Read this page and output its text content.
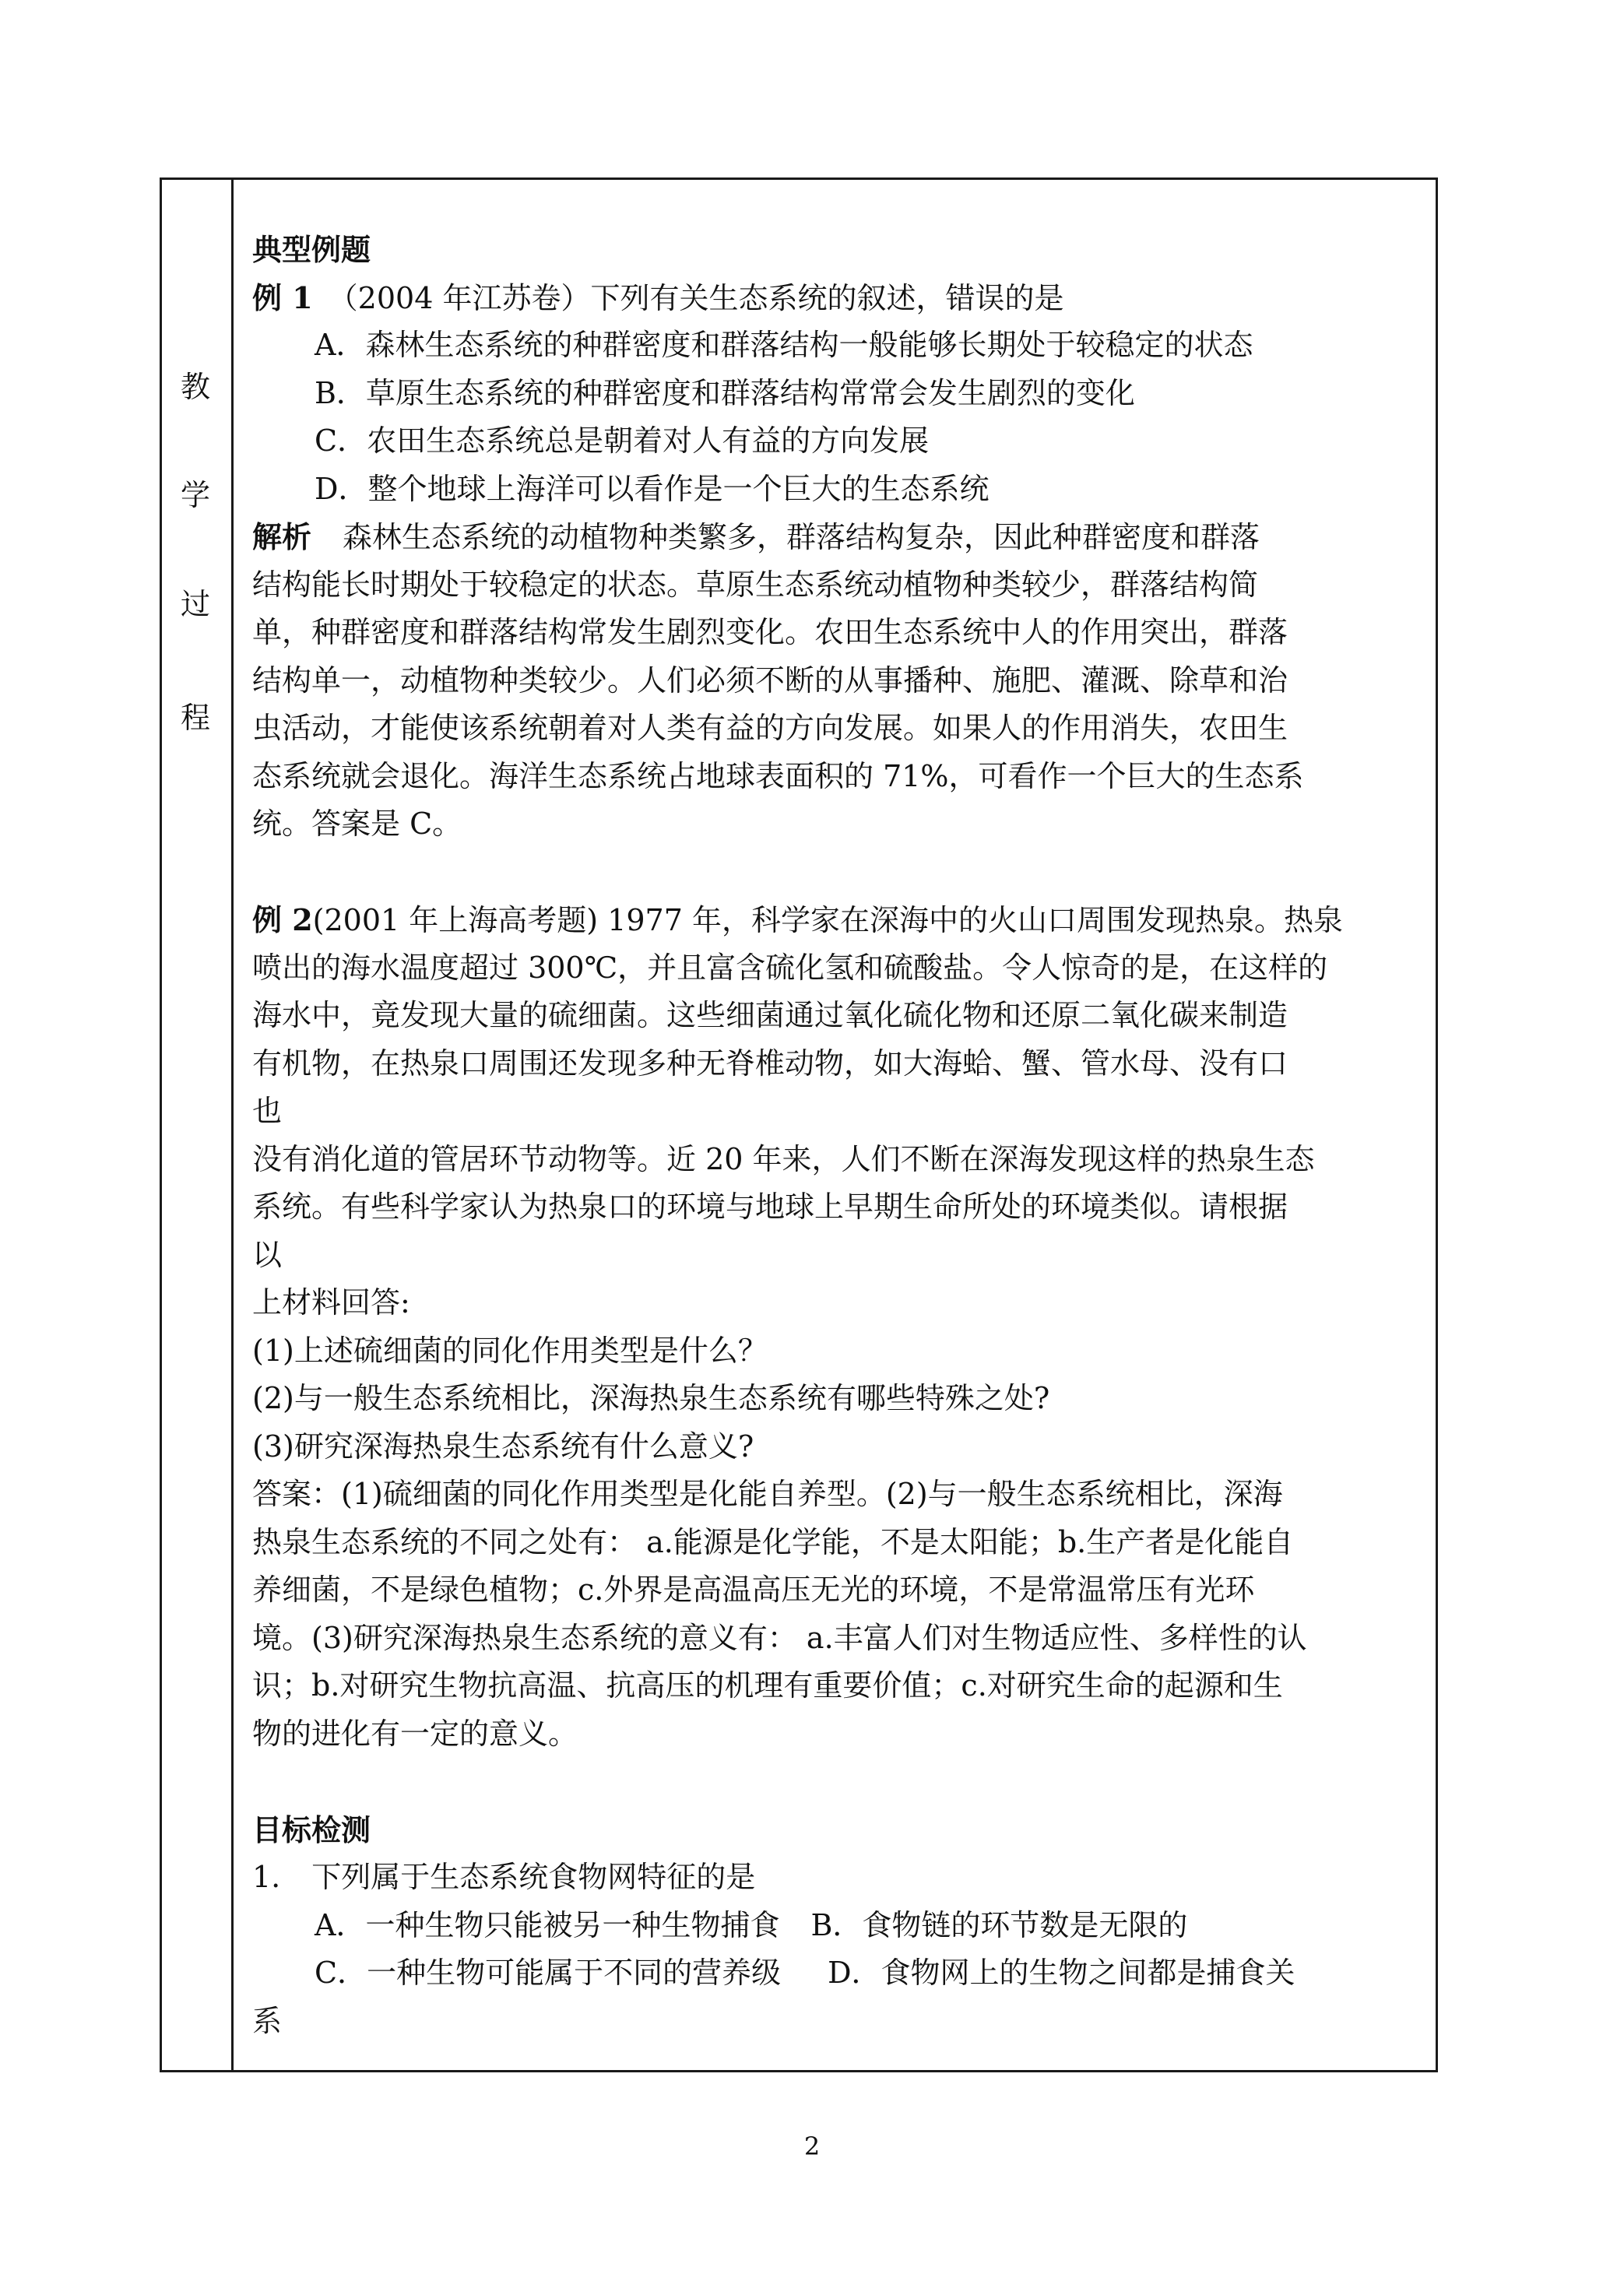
教
学
过
程
典型例题
例 1 （2004 年江苏卷）下列有关生态系统的叙述，错误的是
A．森林生态系统的种群密度和群落结构一般能够长期处于较稳定的状态
B．草原生态系统的种群密度和群落结构常常会发生剧烈的变化
C．农田生态系统总是朝着对人有益的方向发展
D．整个地球上海洋可以看作是一个巨大的生态系统
解析 森林生态系统的动植物种类繁多，群落结构复杂，因此种群密度和群落
结构能长时期处于较稳定的状态。草原生态系统动植物种类较少，群落结构简
单，种群密度和群落结构常发生剧烈变化。农田生态系统中人的作用突出，群落
结构单一，动植物种类较少。人们必须不断的从事播种、施肥、灌溉、除草和治
虫活动，才能使该系统朝着对人类有益的方向发展。如果人的作用消失，农田生
态系统就会退化。海洋生态系统占地球表面积的 71%，可看作一个巨大的生态系
统。答案是 C。
例 2(2001 年上海高考题) 1977 年，科学家在深海中的火山口周围发现热泉。热泉
喷出的海水温度超过 300℃，并且富含硫化氢和硫酸盐。令人惊奇的是，在这样的
海水中，竟发现大量的硫细菌。这些细菌通过氧化硫化物和还原二氧化碳来制造
有机物，在热泉口周围还发现多种无脊椎动物，如大海蛤、蟹、管水母、没有口
也
没有消化道的管居环节动物等。近 20 年来，人们不断在深海发现这样的热泉生态
系统。有些科学家认为热泉口的环境与地球上早期生命所处的环境类似。请根据
以
上材料回答:
(1)上述硫细菌的同化作用类型是什么？
(2)与一般生态系统相比，深海热泉生态系统有哪些特殊之处?
(3)研究深海热泉生态系统有什么意义?
答案：(1)硫细菌的同化作用类型是化能自养型。(2)与一般生态系统相比，深海
热泉生态系统的不同之处有： a.能源是化学能，不是太阳能；b.生产者是化能自
养细菌，不是绿色植物；c.外界是高温高压无光的环境，不是常温常压有光环
境。(3)研究深海热泉生态系统的意义有： a.丰富人们对生物适应性、多样性的认
识；b.对研究生物抗高温、抗高压的机理有重要价值；c.对研究生命的起源和生
物的进化有一定的意义。
目标检测
1. 下列属于生态系统食物网特征的是
A．一种生物只能被另一种生物捕食 B．食物链的环节数是无限的
C．一种生物可能属于不同的营养级 D．食物网上的生物之间都是捕食关
系
2
